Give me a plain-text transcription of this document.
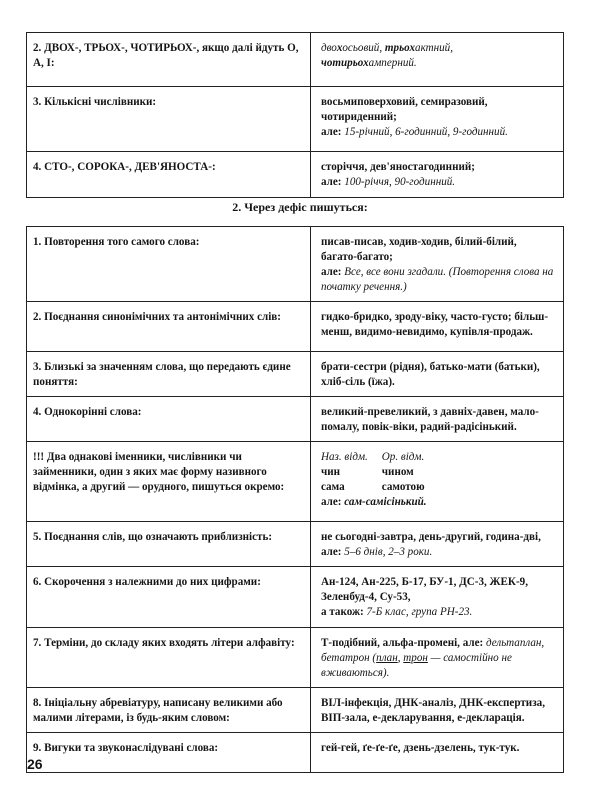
2. ДВОХ-, ТРЬОХ-, ЧОТИРЬОХ-, якщо далі йдуть О, А, І:	двохосьовий, трьохактний,
чотирьохамперний.
3. Кількісні числівники:	восьмиповерховий, семиразовий,
чотириденний;
але: 15-річний, 6-годинний, 9-годинний.
4. СТО-, СОРОКА-, ДЕВ'ЯНОСТА-:	сторіччя, дев'яностагодинний;
але: 100-річчя, 90-годинний.
2. Через дефіс пишуться:
1. Повторення того самого слова:	писав-писав, ходив-ходив, білий-білий,
багато-багато;
але: Все, все вони згадали. (Повторення слова на початку речення.)
2. Поєднання синонімічних та антонімічних слів:	гидко-бридко, зроду-віку, часто-густо; більш-менш, видимо-невидимо, купівля-продаж.
3. Близькі за значенням слова, що передають єдине поняття:	брати-сестри (рідня), батько-мати (батьки), хліб-сіль (їжа).
4. Однокорінні слова:	великий-превеликий, з давніх-давен, мало-помалу, повік-віки, радий-радісінький.
!!! Два однакові іменники, числівники чи займенники, один з яких має форму називного відмінка, а другий — орудного, пишуться окремо:	
Наз. відм.	Ор. відм.
чин	чином
сама	самотою
але: сам-самісінький.

5. Поєднання слів, що означають приблизність:	не сьогодні-завтра, день-другий, година-дві,
але: 5–6 днів, 2–3 роки.
6. Скорочення з належними до них цифрами:	Ан-124, Ан-225, Б-17, БУ-1, ДС-3, ЖЕК-9, Зеленбуд-4, Су-53,
а також: 7-Б клас, група РН-23.
7. Терміни, до складу яких входять літери алфавіту:	Т-подібний, альфа-промені, але: дельтаплан, бетатрон (план, трон — самостійно не вживаються).
8. Ініціальну абревіатуру, написану великими або малими літерами, із будь-яким словом:	ВІЛ-інфекція, ДНК-аналіз, ДНК-експертиза, ВІП-зала, е-декларування, е-декларація.
9. Вигуки та звуконаслідувані слова:	гей-гей, ґе-ґе-ґе, дзень-дзелень, тук-тук.
26
